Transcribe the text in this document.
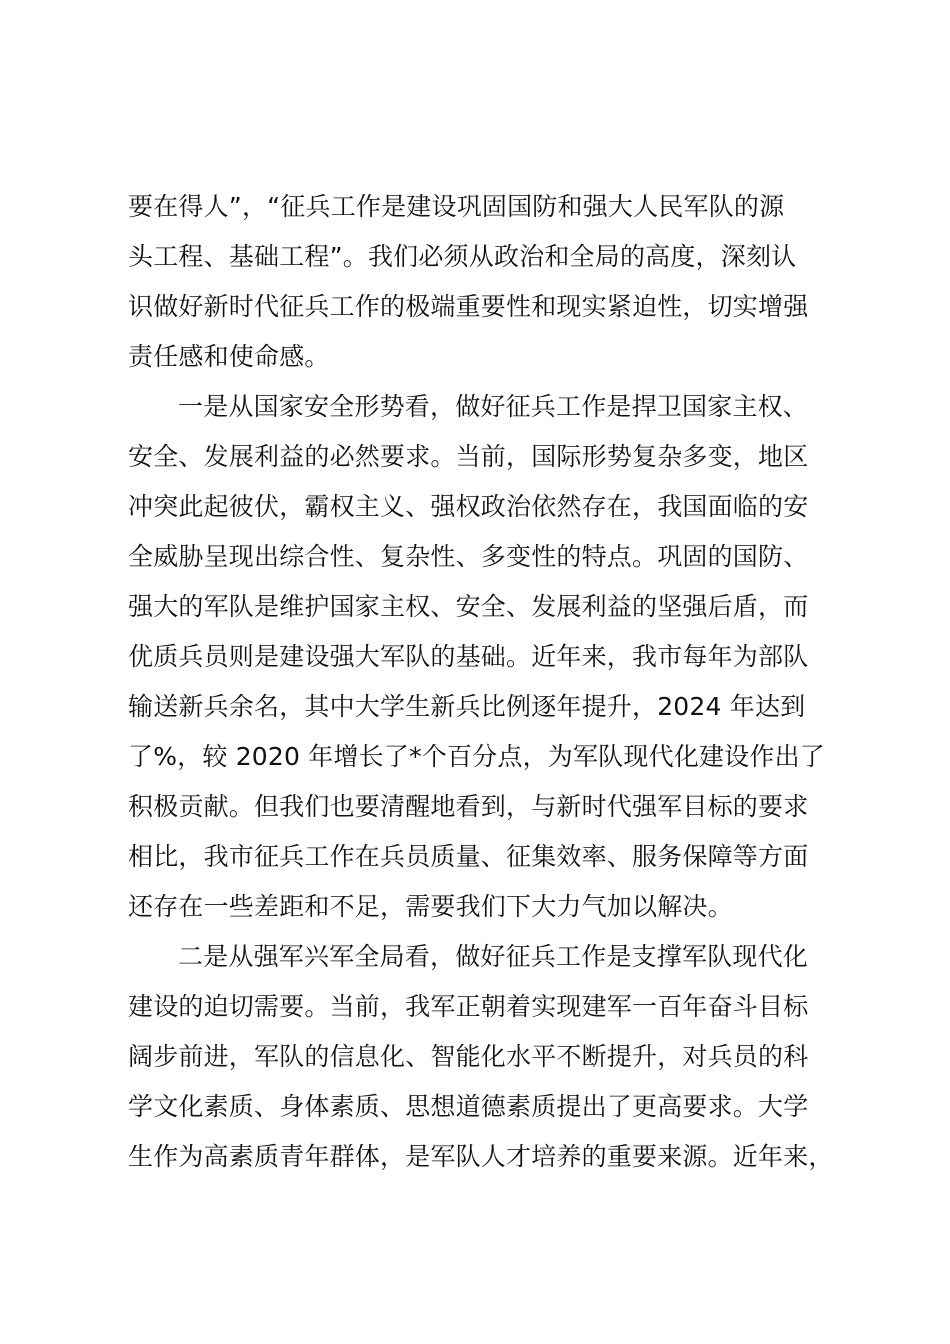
要在得人”，“征兵工作是建设巩固国防和强大人民军队的源
头工程、基础工程”。我们必须从政治和全局的高度，深刻认
识做好新时代征兵工作的极端重要性和现实紧迫性，切实增强
责任感和使命感。
一是从国家安全形势看，做好征兵工作是捍卫国家主权、
安全、发展利益的必然要求。当前，国际形势复杂多变，地区
冲突此起彼伏，霸权主义、强权政治依然存在，我国面临的安
全威胁呈现出综合性、复杂性、多变性的特点。巩固的国防、
强大的军队是维护国家主权、安全、发展利益的坚强后盾，而
优质兵员则是建设强大军队的基础。近年来，我市每年为部队
输送新兵余名，其中大学生新兵比例逐年提升，2024 年达到
了%，较 2020 年增长了*个百分点，为军队现代化建设作出了
积极贡献。但我们也要清醒地看到，与新时代强军目标的要求
相比，我市征兵工作在兵员质量、征集效率、服务保障等方面
还存在一些差距和不足，需要我们下大力气加以解决。
二是从强军兴军全局看，做好征兵工作是支撑军队现代化
建设的迫切需要。当前，我军正朝着实现建军一百年奋斗目标
阔步前进，军队的信息化、智能化水平不断提升，对兵员的科
学文化素质、身体素质、思想道德素质提出了更高要求。大学
生作为高素质青年群体，是军队人才培养的重要来源。近年来，
